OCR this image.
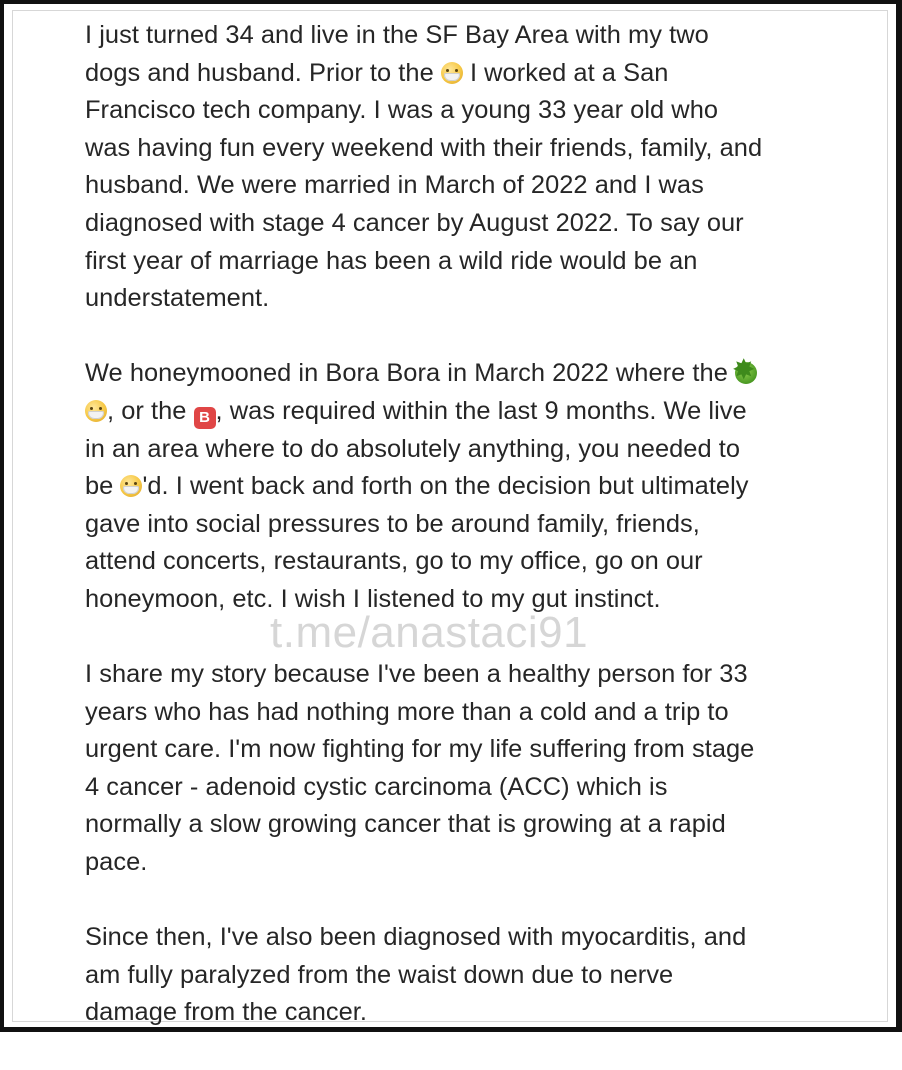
I just turned 34 and live in the SF Bay Area with my two
dogs and husband. Prior to the  I worked at a San
Francisco tech company. I was a young 33 year old who
was having fun every weekend with their friends, family, and
husband. We were married in March of 2022 and I was
diagnosed with stage 4 cancer by August 2022. To say our
first year of marriage has been a wild ride would be an
understatement.
We honeymooned in Bora Bora in March 2022 where the ✸
, or the B , was required within the last 9 months. We live
in an area where to do absolutely anything, you needed to
be 'd. I went back and forth on the decision but ultimately
gave into social pressures to be around family, friends,
attend concerts, restaurants, go to my office, go on our
honeymoon, etc. I wish I listened to my gut instinct.
I share my story because I've been a healthy person for 33
years who has had nothing more than a cold and a trip to
urgent care. I'm now fighting for my life suffering from stage
4 cancer - adenoid cystic carcinoma (ACC) which is
normally a slow growing cancer that is growing at a rapid
pace.
Since then, I've also been diagnosed with myocarditis, and
am fully paralyzed from the waist down due to nerve
damage from the cancer.
t.me/anastaci91
